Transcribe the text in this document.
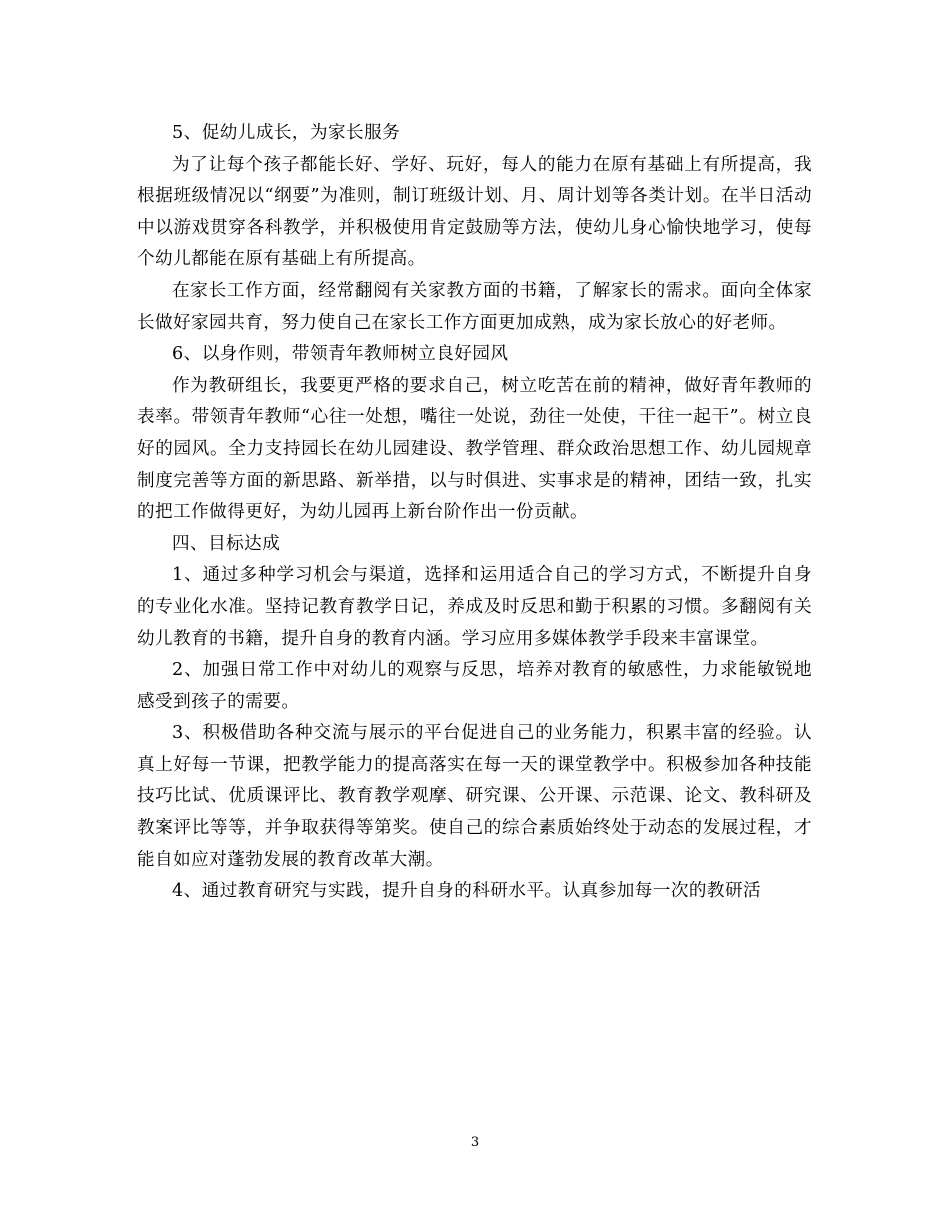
5、促幼儿成长，为家长服务

为了让每个孩子都能长好、学好、玩好，每人的能力在原有基础上有所提高，我根据班级情况以“纲要”为准则，制订班级计划、月、周计划等各类计划。在半日活动中以游戏贯穿各科教学，并积极使用肯定鼓励等方法，使幼儿身心愉快地学习，使每个幼儿都能在原有基础上有所提高。

在家长工作方面，经常翻阅有关家教方面的书籍，了解家长的需求。面向全体家长做好家园共育，努力使自己在家长工作方面更加成熟，成为家长放心的好老师。

6、以身作则，带领青年教师树立良好园风

作为教研组长，我要更严格的要求自己，树立吃苦在前的精神，做好青年教师的表率。带领青年教师“心往一处想，嘴往一处说，劲往一处使，干往一起干”。树立良好的园风。全力支持园长在幼儿园建设、教学管理、群众政治思想工作、幼儿园规章制度完善等方面的新思路、新举措，以与时俱进、实事求是的精神，团结一致，扎实的把工作做得更好，为幼儿园再上新台阶作出一份贡献。

四、目标达成

1、通过多种学习机会与渠道，选择和运用适合自己的学习方式，不断提升自身的专业化水准。坚持记教育教学日记，养成及时反思和勤于积累的习惯。多翻阅有关幼儿教育的书籍，提升自身的教育内涵。学习应用多媒体教学手段来丰富课堂。

2、加强日常工作中对幼儿的观察与反思，培养对教育的敏感性，力求能敏锐地感受到孩子的需要。

3、积极借助各种交流与展示的平台促进自己的业务能力，积累丰富的经验。认真上好每一节课，把教学能力的提高落实在每一天的课堂教学中。积极参加各种技能技巧比试、优质课评比、教育教学观摩、研究课、公开课、示范课、论文、教科研及教案评比等等，并争取获得等第奖。使自己的综合素质始终处于动态的发展过程，才能自如应对蓬勃发展的教育改革大潮。

4、通过教育研究与实践，提升自身的科研水平。认真参加每一次的教研活

3
